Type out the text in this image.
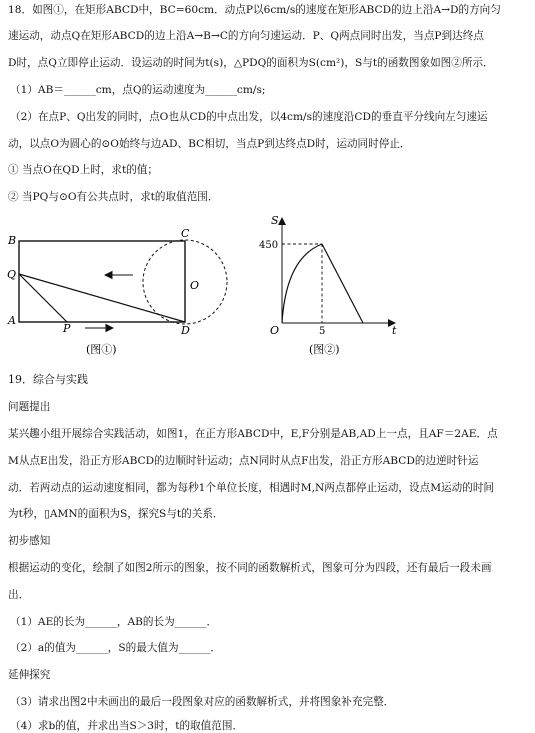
18．如图①，在矩形ABCD中，BC=60cm．动点P以6cm/s的速度在矩形ABCD的边上沿A→D的方向匀
速运动，动点Q在矩形ABCD的边上沿A→B→C的方向匀速运动．P、Q两点同时出发，当点P到达终点
D时，点Q立即停止运动．设运动的时间为t(s)，△PDQ的面积为S(cm²)，S与t的函数图象如图②所示．
（1）AB＝______cm，点Q的运动速度为______cm/s;
（2）在点P、Q出发的同时，点O也从CD的中点出发，以4cm/s的速度沿CD的垂直平分线向左匀速运
动，以点O为圆心的⊙O始终与边AD、BC相切，当点P到达终点D时，运动同时停止．
① 当点O在QD上时，求t的值；
② 当PQ与⊙O有公共点时，求t的取值范围．
B
C
Q
O
A
P	D
(图①)
S
450
O	5	t
(图②)
19．综合与实践
问题提出
某兴趣小组开展综合实践活动，如图1，在正方形ABCD中，E,F分别是AB,AD上一点，且AF＝2AE．点
M从点E出发，沿正方形ABCD的边顺时针运动；点N同时从点F出发，沿正方形ABCD的边逆时针运
动．若两动点的运动速度相同，都为每秒1个单位长度，相遇时M,N两点都停止运动，设点M运动的时间
为t秒，▯AMN的面积为S，探究S与t的关系．
初步感知
根据运动的变化，绘制了如图2所示的图象，按不同的函数解析式，图象可分为四段，还有最后一段未画
出．
（1）AE的长为______，AB的长为______．
（2）a的值为______，S的最大值为______．
延伸探究
（3）请求出图2中未画出的最后一段图象对应的函数解析式，并将图象补充完整．
（4）求b的值，并求出当S＞3时，t的取值范围．
